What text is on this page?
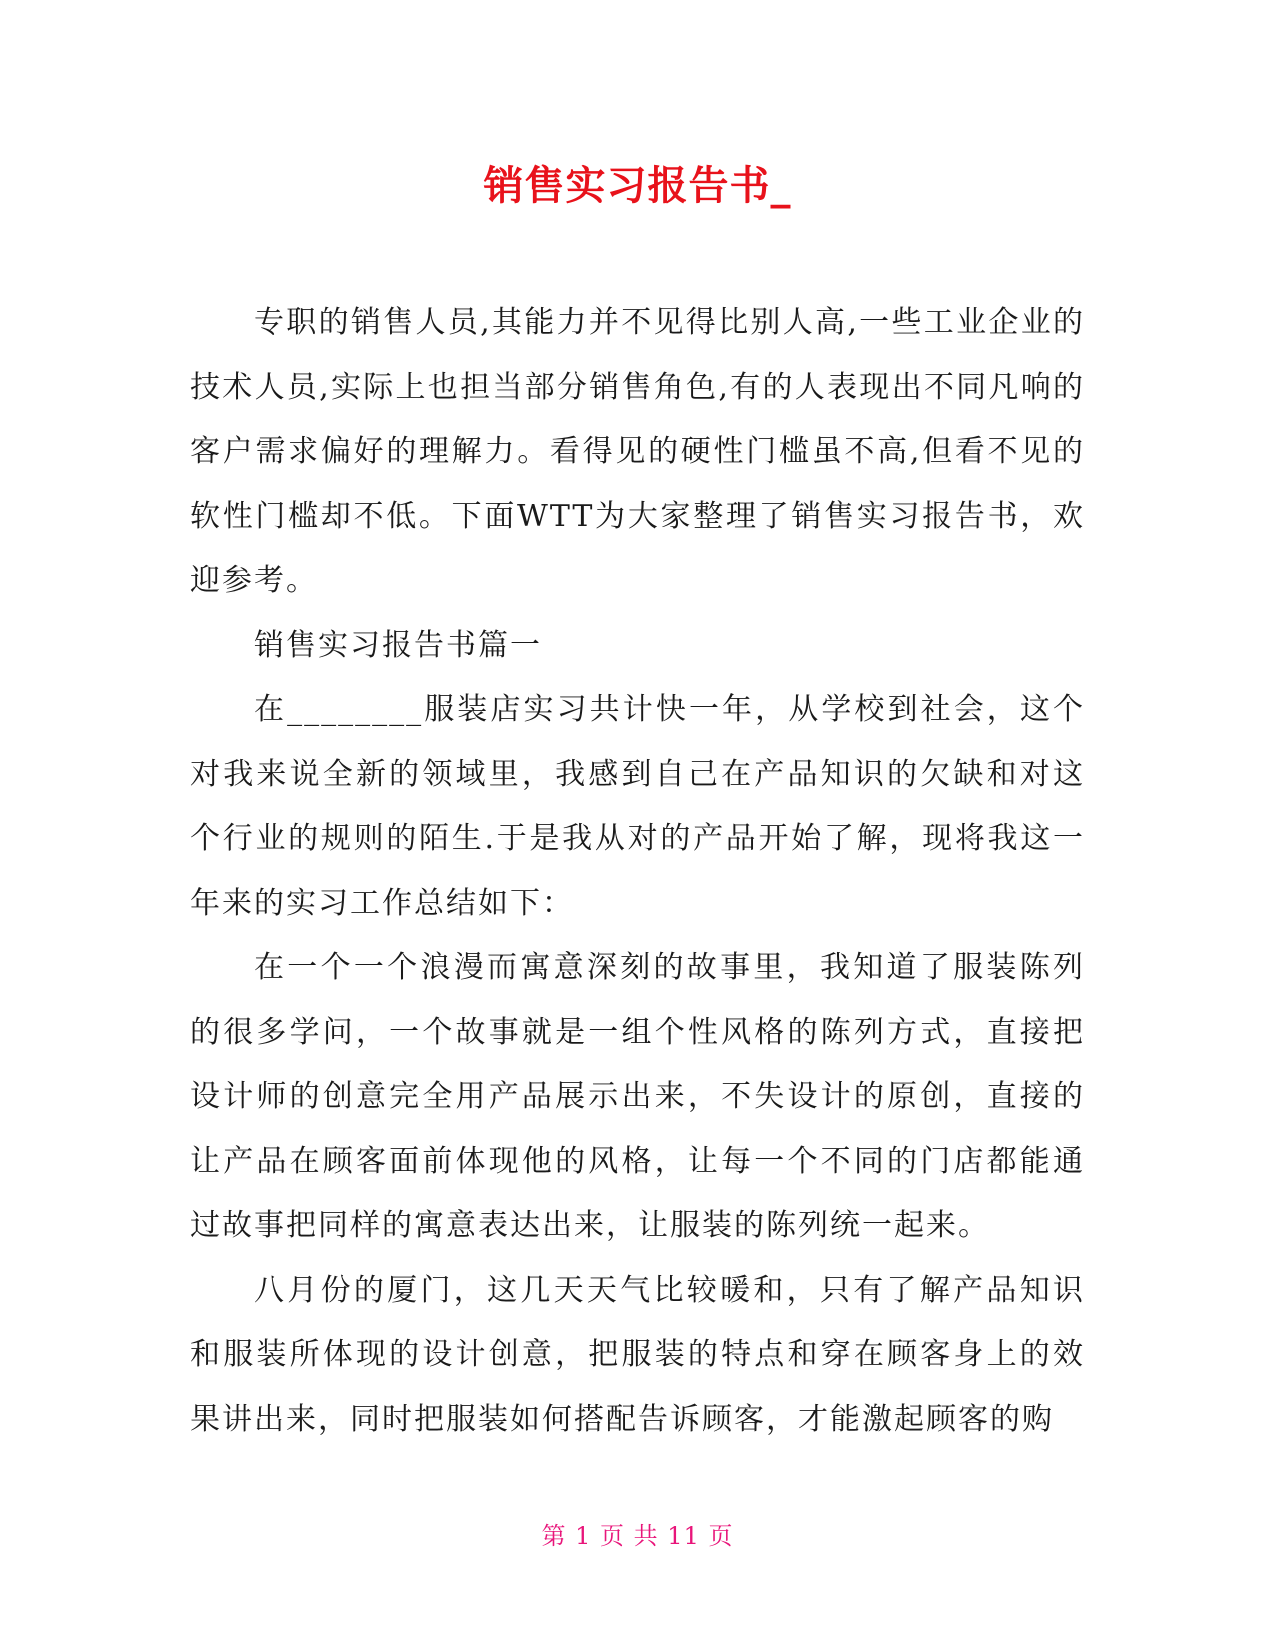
销售实习报告书_

专职的销售人员,其能力并不见得比别人高,一些工业企业的技术人员,实际上也担当部分销售角色,有的人表现出不同凡响的客户需求偏好的理解力。看得见的硬性门槛虽不高,但看不见的软性门槛却不低。下面WTT为大家整理了销售实习报告书，欢迎参考。

销售实习报告书篇一

在________服装店实习共计快一年，从学校到社会，这个对我来说全新的领域里，我感到自己在产品知识的欠缺和对这个行业的规则的陌生.于是我从对的产品开始了解，现将我这一年来的实习工作总结如下：

在一个一个浪漫而寓意深刻的故事里，我知道了服装陈列的很多学问，一个故事就是一组个性风格的陈列方式，直接把设计师的创意完全用产品展示出来，不失设计的原创，直接的让产品在顾客面前体现他的风格，让每一个不同的门店都能通过故事把同样的寓意表达出来，让服装的陈列统一起来。

八月份的厦门，这几天天气比较暖和，只有了解产品知识和服装所体现的设计创意，把服装的特点和穿在顾客身上的效果讲出来，同时把服装如何搭配告诉顾客，才能激起顾客的购

第 1 页 共 11 页
